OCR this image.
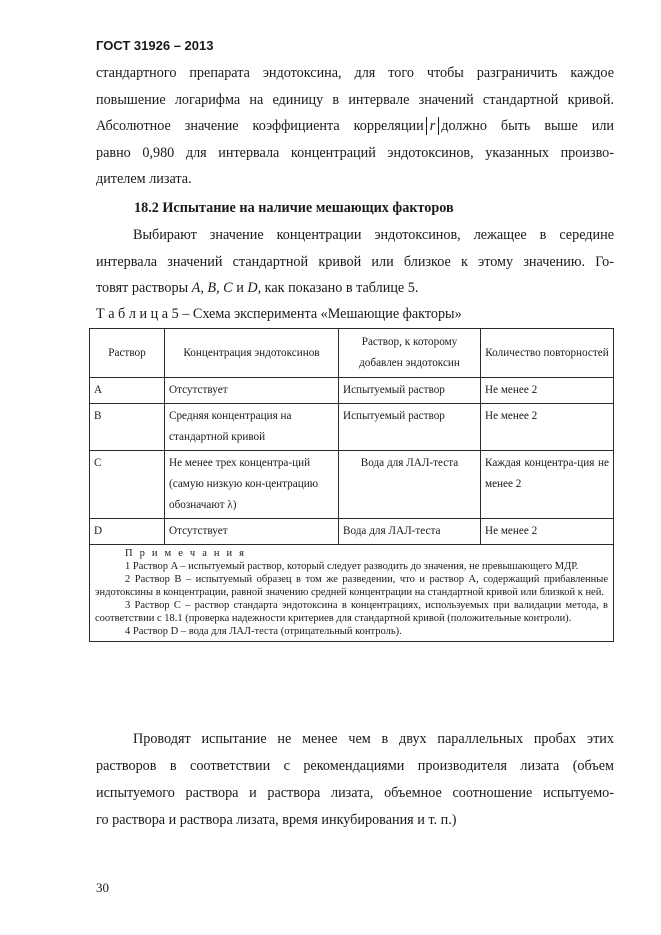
ГОСТ 31926 – 2013
стандартного препарата эндотоксина, для того чтобы разграничить каждое
повышение логарифма на единицу в интервале значений стандартной кривой.
Абсолютное значение коэффициента корреляции r должно быть выше или
равно 0,980 для интервала концентраций эндотоксинов, указанных произво-
дителем лизата.
18.2 Испытание на наличие мешающих факторов
Выбирают значение концентрации эндотоксинов, лежащее в середине
интервала значений стандартной кривой или близкое к этому значению. Го-
товят растворы A, B, C и D, как показано в таблице 5.
Т а б л и ц а 5 – Схема эксперимента «Мешающие факторы»
Раствор	Концентрация эндотоксинов	Раствор, к которому добавлен эндотоксин	Количество повторностей
A	Отсутствует	Испытуемый раствор	Не менее 2
B	Средняя концентрация на стандартной кривой	Испытуемый раствор	Не менее 2
C	Не менее трех концентра-ций (самую низкую кон-центрацию обозначают λ)	Вода для ЛАЛ-теста	Каждая концентра-ция не менее 2
D	Отсутствует	Вода для ЛАЛ-теста	Не менее 2

П р и м е ч а н и я
1 Раствор A – испытуемый раствор, который следует разводить до значения, не превышающего МДР.
2 Раствор B – испытуемый образец в том же разведении, что и раствор A, содержащий прибавленные эндотоксины в концентрации, равной значению средней концентрации на стандартной кривой или близкой к ней.
3 Раствор C – раствор стандарта эндотоксина в концентрациях, используемых при валидации метода, в соответствии с 18.1 (проверка надежности критериев для стандартной кривой (положительные контроли).
4 Раствор D – вода для ЛАЛ-теста (отрицательный контроль).			
Проводят испытание не менее чем в двух параллельных пробах этих
растворов в соответствии с рекомендациями производителя лизата (объем
испытуемого раствора и раствора лизата, объемное соотношение испытуемо-
го раствора и раствора лизата, время инкубирования и т. п.)
30
